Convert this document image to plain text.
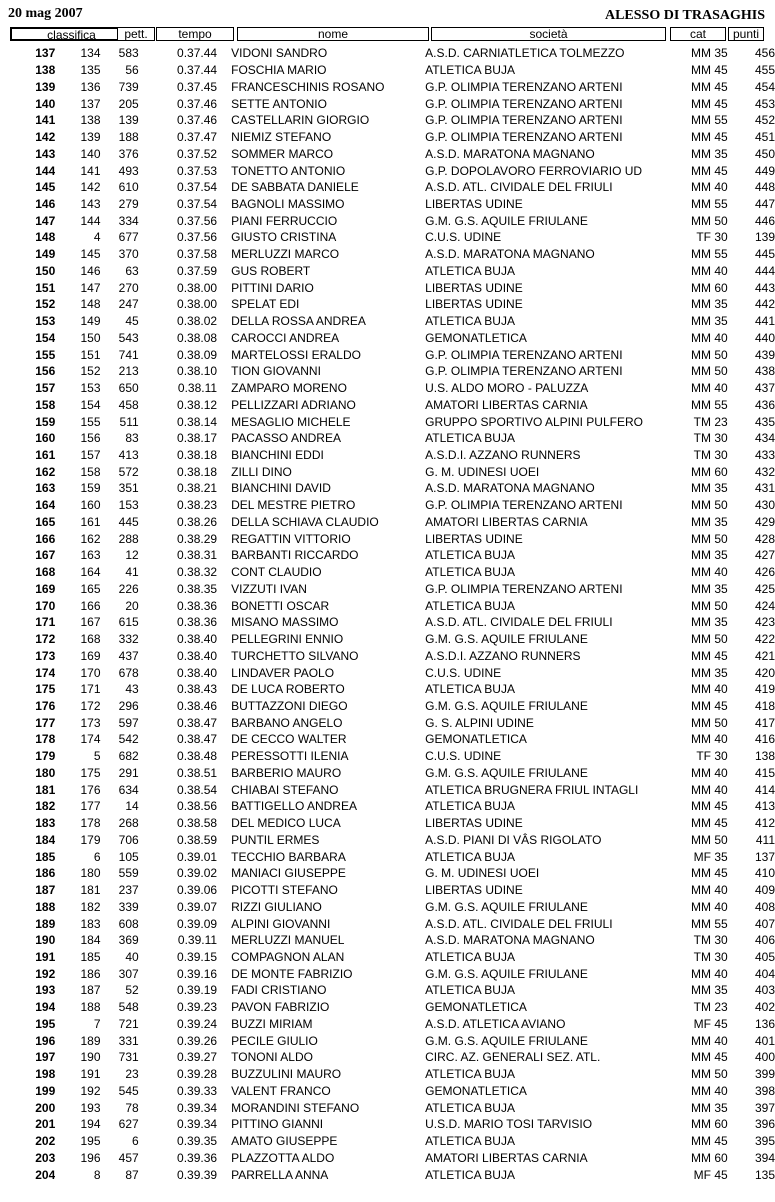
20 mag 2007	ALESSO DI TRASAGHIS
classifica	pett.	tempo	nome	società	cat	punti
137	134	583	0.37.44		VIDONI SANDRO	A.S.D. CARNIATLETICA TOLMEZZO	MM 35	456
138	135	56	0.37.44		FOSCHIA MARIO	ATLETICA BUJA	MM 45	455
139	136	739	0.37.45		FRANCESCHINIS ROSANO	G.P. OLIMPIA TERENZANO ARTENI	MM 45	454
140	137	205	0.37.46		SETTE ANTONIO	G.P. OLIMPIA TERENZANO ARTENI	MM 45	453
141	138	139	0.37.46		CASTELLARIN GIORGIO	G.P. OLIMPIA TERENZANO ARTENI	MM 55	452
142	139	188	0.37.47		NIEMIZ STEFANO	G.P. OLIMPIA TERENZANO ARTENI	MM 45	451
143	140	376	0.37.52		SOMMER MARCO	A.S.D. MARATONA MAGNANO	MM 35	450
144	141	493	0.37.53		TONETTO ANTONIO	G.P. DOPOLAVORO FERROVIARIO UD	MM 45	449
145	142	610	0.37.54		DE SABBATA DANIELE	A.S.D. ATL. CIVIDALE DEL FRIULI	MM 40	448
146	143	279	0.37.54		BAGNOLI MASSIMO	LIBERTAS UDINE	MM 55	447
147	144	334	0.37.56		PIANI FERRUCCIO	G.M. G.S. AQUILE FRIULANE	MM 50	446
148	4	677	0.37.56		GIUSTO CRISTINA	C.U.S. UDINE	TF 30	139
149	145	370	0.37.58		MERLUZZI MARCO	A.S.D. MARATONA MAGNANO	MM 55	445
150	146	63	0.37.59		GUS ROBERT	ATLETICA BUJA	MM 40	444
151	147	270	0.38.00		PITTINI DARIO	LIBERTAS UDINE	MM 60	443
152	148	247	0.38.00		SPELAT EDI	LIBERTAS UDINE	MM 35	442
153	149	45	0.38.02		DELLA ROSSA ANDREA	ATLETICA BUJA	MM 35	441
154	150	543	0.38.08		CAROCCI ANDREA	GEMONATLETICA	MM 40	440
155	151	741	0.38.09		MARTELOSSI ERALDO	G.P. OLIMPIA TERENZANO ARTENI	MM 50	439
156	152	213	0.38.10		TION GIOVANNI	G.P. OLIMPIA TERENZANO ARTENI	MM 50	438
157	153	650	0.38.11		ZAMPARO MORENO	U.S. ALDO MORO - PALUZZA	MM 40	437
158	154	458	0.38.12		PELLIZZARI ADRIANO	AMATORI LIBERTAS CARNIA	MM 55	436
159	155	511	0.38.14		MESAGLIO MICHELE	GRUPPO SPORTIVO ALPINI PULFERO	TM 23	435
160	156	83	0.38.17		PACASSO ANDREA	ATLETICA BUJA	TM 30	434
161	157	413	0.38.18		BIANCHINI EDDI	A.S.D.I. AZZANO RUNNERS	TM 30	433
162	158	572	0.38.18		ZILLI DINO	G. M. UDINESI UOEI	MM 60	432
163	159	351	0.38.21		BIANCHINI DAVID	A.S.D. MARATONA MAGNANO	MM 35	431
164	160	153	0.38.23		DEL MESTRE PIETRO	G.P. OLIMPIA TERENZANO ARTENI	MM 50	430
165	161	445	0.38.26		DELLA SCHIAVA CLAUDIO	AMATORI LIBERTAS CARNIA	MM 35	429
166	162	288	0.38.29		REGATTIN VITTORIO	LIBERTAS UDINE	MM 50	428
167	163	12	0.38.31		BARBANTI RICCARDO	ATLETICA BUJA	MM 35	427
168	164	41	0.38.32		CONT CLAUDIO	ATLETICA BUJA	MM 40	426
169	165	226	0.38.35		VIZZUTI IVAN	G.P. OLIMPIA TERENZANO ARTENI	MM 35	425
170	166	20	0.38.36		BONETTI OSCAR	ATLETICA BUJA	MM 50	424
171	167	615	0.38.36		MISANO MASSIMO	A.S.D. ATL. CIVIDALE DEL FRIULI	MM 35	423
172	168	332	0.38.40		PELLEGRINI ENNIO	G.M. G.S. AQUILE FRIULANE	MM 50	422
173	169	437	0.38.40		TURCHETTO SILVANO	A.S.D.I. AZZANO RUNNERS	MM 45	421
174	170	678	0.38.40		LINDAVER PAOLO	C.U.S. UDINE	MM 35	420
175	171	43	0.38.43		DE LUCA ROBERTO	ATLETICA BUJA	MM 40	419
176	172	296	0.38.46		BUTTAZZONI DIEGO	G.M. G.S. AQUILE FRIULANE	MM 45	418
177	173	597	0.38.47		BARBANO ANGELO	G. S. ALPINI UDINE	MM 50	417
178	174	542	0.38.47		DE CECCO WALTER	GEMONATLETICA	MM 40	416
179	5	682	0.38.48		PERESSOTTI ILENIA	C.U.S. UDINE	TF 30	138
180	175	291	0.38.51		BARBERIO MAURO	G.M. G.S. AQUILE FRIULANE	MM 40	415
181	176	634	0.38.54		CHIABAI STEFANO	ATLETICA BRUGNERA FRIUL INTAGLI	MM 40	414
182	177	14	0.38.56		BATTIGELLO ANDREA	ATLETICA BUJA	MM 45	413
183	178	268	0.38.58		DEL MEDICO LUCA	LIBERTAS UDINE	MM 45	412
184	179	706	0.38.59		PUNTIL ERMES	A.S.D. PIANI DI VÂS RIGOLATO	MM 50	411
185	6	105	0.39.01		TECCHIO BARBARA	ATLETICA BUJA	MF 35	137
186	180	559	0.39.02		MANIACI GIUSEPPE	G. M. UDINESI UOEI	MM 45	410
187	181	237	0.39.06		PICOTTI STEFANO	LIBERTAS UDINE	MM 40	409
188	182	339	0.39.07		RIZZI GIULIANO	G.M. G.S. AQUILE FRIULANE	MM 40	408
189	183	608	0.39.09		ALPINI GIOVANNI	A.S.D. ATL. CIVIDALE DEL FRIULI	MM 55	407
190	184	369	0.39.11		MERLUZZI MANUEL	A.S.D. MARATONA MAGNANO	TM 30	406
191	185	40	0.39.15		COMPAGNON ALAN	ATLETICA BUJA	TM 30	405
192	186	307	0.39.16		DE MONTE FABRIZIO	G.M. G.S. AQUILE FRIULANE	MM 40	404
193	187	52	0.39.19		FADI CRISTIANO	ATLETICA BUJA	MM 35	403
194	188	548	0.39.23		PAVON FABRIZIO	GEMONATLETICA	TM 23	402
195	7	721	0.39.24		BUZZI MIRIAM	A.S.D. ATLETICA AVIANO	MF 45	136
196	189	331	0.39.26		PECILE GIULIO	G.M. G.S. AQUILE FRIULANE	MM 40	401
197	190	731	0.39.27		TONONI ALDO	CIRC. AZ. GENERALI SEZ. ATL.	MM 45	400
198	191	23	0.39.28		BUZZULINI MAURO	ATLETICA BUJA	MM 50	399
199	192	545	0.39.33		VALENT FRANCO	GEMONATLETICA	MM 40	398
200	193	78	0.39.34		MORANDINI STEFANO	ATLETICA BUJA	MM 35	397
201	194	627	0.39.34		PITTINO GIANNI	U.S.D. MARIO TOSI TARVISIO	MM 60	396
202	195	6	0.39.35		AMATO GIUSEPPE	ATLETICA BUJA	MM 45	395
203	196	457	0.39.36		PLAZZOTTA ALDO	AMATORI LIBERTAS CARNIA	MM 60	394
204	8	87	0.39.39		PARRELLA ANNA	ATLETICA BUJA	MF 45	135
